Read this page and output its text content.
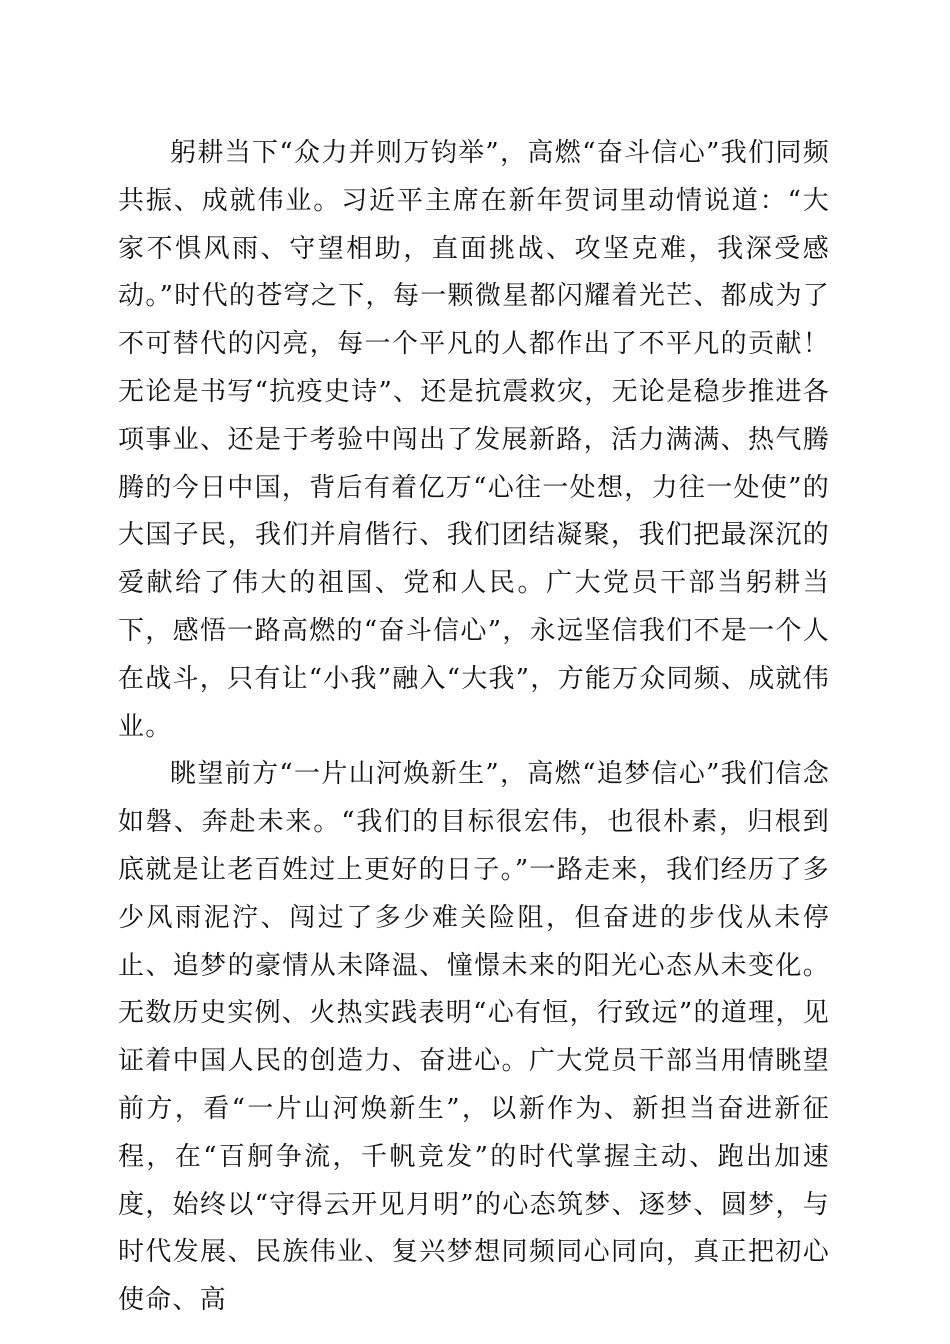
躬耕当下“众力并则万钧举”，高燃“奋斗信心”我们同频共振、成就伟业。习近平主席在新年贺词里动情说道：“大家不惧风雨、守望相助，直面挑战、攻坚克难，我深受感动。”时代的苍穹之下，每一颗微星都闪耀着光芒、都成为了不可替代的闪亮，每一个平凡的人都作出了不平凡的贡献！无论是书写“抗疫史诗”、还是抗震救灾，无论是稳步推进各项事业、还是于考验中闯出了发展新路，活力满满、热气腾腾的今日中国，背后有着亿万“心往一处想，力往一处使”的大国子民，我们并肩偕行、我们团结凝聚，我们把最深沉的爱献给了伟大的祖国、党和人民。广大党员干部当躬耕当下，感悟一路高燃的“奋斗信心”，永远坚信我们不是一个人在战斗，只有让“小我”融入“大我”，方能万众同频、成就伟业。

眺望前方“一片山河焕新生”，高燃“追梦信心”我们信念如磐、奔赴未来。“我们的目标很宏伟，也很朴素，归根到底就是让老百姓过上更好的日子。”一路走来，我们经历了多少风雨泥泞、闯过了多少难关险阻，但奋进的步伐从未停止、追梦的豪情从未降温、憧憬未来的阳光心态从未变化。无数历史实例、火热实践表明“心有恒，行致远”的道理，见证着中国人民的创造力、奋进心。广大党员干部当用情眺望前方，看“一片山河焕新生”，以新作为、新担当奋进新征程，在“百舸争流，千帆竞发”的时代掌握主动、跑出加速度，始终以“守得云开见月明”的心态筑梦、逐梦、圆梦，与时代发展、民族伟业、复兴梦想同频同心同向，真正把初心使命、高
